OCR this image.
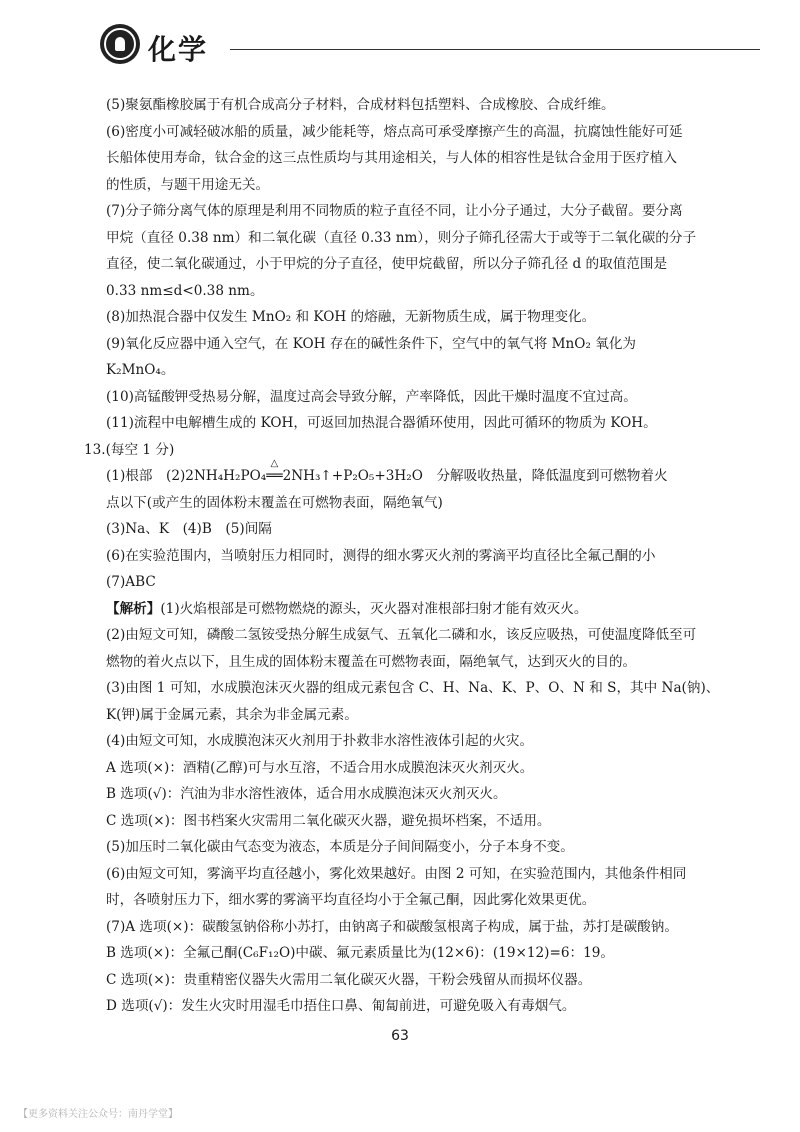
化学

(5)聚氨酯橡胶属于有机合成高分子材料，合成材料包括塑料、合成橡胶、合成纤维。

(6)密度小可减轻破冰船的质量，减少能耗等，熔点高可承受摩擦产生的高温，抗腐蚀性能好可延

长船体使用寿命，钛合金的这三点性质均与其用途相关，与人体的相容性是钛合金用于医疗植入

的性质，与题干用途无关。

(7)分子筛分离气体的原理是利用不同物质的粒子直径不同，让小分子通过，大分子截留。要分离

甲烷（直径 0.38 nm）和二氧化碳（直径 0.33 nm），则分子筛孔径需大于或等于二氧化碳的分子

直径，使二氧化碳通过，小于甲烷的分子直径，使甲烷截留，所以分子筛孔径 d 的取值范围是

0.33 nm≤d<0.38 nm。

(8)加热混合器中仅发生 MnO₂ 和 KOH 的熔融，无新物质生成，属于物理变化。

(9)氧化反应器中通入空气，在 KOH 存在的碱性条件下，空气中的氧气将 MnO₂ 氧化为

K₂MnO₄。

(10)高锰酸钾受热易分解，温度过高会导致分解，产率降低，因此干燥时温度不宜过高。

(11)流程中电解槽生成的 KOH，可返回加热混合器循环使用，因此可循环的物质为 KOH。

13.(每空 1 分)

(1)根部　(2)2NH₄H₂PO₄
△
══2NH₃↑+P₂O₅+3H₂O　分解吸收热量，降低温度到可燃物着火

点以下(或产生的固体粉末覆盖在可燃物表面，隔绝氧气)

(3)Na、K　(4)B　(5)间隔

(6)在实验范围内，当喷射压力相同时，测得的细水雾灭火剂的雾滴平均直径比全氟己酮的小

(7)ABC

【解析】(1)火焰根部是可燃物燃烧的源头，灭火器对准根部扫射才能有效灭火。

(2)由短文可知，磷酸二氢铵受热分解生成氨气、五氧化二磷和水，该反应吸热，可使温度降低至可

燃物的着火点以下，且生成的固体粉末覆盖在可燃物表面，隔绝氧气，达到灭火的目的。

(3)由图 1 可知，水成膜泡沫灭火器的组成元素包含 C、H、Na、K、P、O、N 和 S，其中 Na(钠)、

K(钾)属于金属元素，其余为非金属元素。

(4)由短文可知，水成膜泡沫灭火剂用于扑救非水溶性液体引起的火灾。

A 选项(×)：酒精(乙醇)可与水互溶，不适合用水成膜泡沫灭火剂灭火。

B 选项(√)：汽油为非水溶性液体，适合用水成膜泡沫灭火剂灭火。

C 选项(×)：图书档案火灾需用二氧化碳灭火器，避免损坏档案，不适用。

(5)加压时二氧化碳由气态变为液态，本质是分子间间隔变小，分子本身不变。

(6)由短文可知，雾滴平均直径越小，雾化效果越好。由图 2 可知，在实验范围内，其他条件相同

时，各喷射压力下，细水雾的雾滴平均直径均小于全氟己酮，因此雾化效果更优。

(7)A 选项(×)：碳酸氢钠俗称小苏打，由钠离子和碳酸氢根离子构成，属于盐，苏打是碳酸钠。

B 选项(×)：全氟己酮(C₆F₁₂O)中碳、氟元素质量比为(12×6)：(19×12)=6：19。

C 选项(×)：贵重精密仪器失火需用二氧化碳灭火器，干粉会残留从而损坏仪器。

D 选项(√)：发生火灾时用湿毛巾捂住口鼻、匍匐前进，可避免吸入有毒烟气。

63
【更多资料关注公众号：南丹学堂】
